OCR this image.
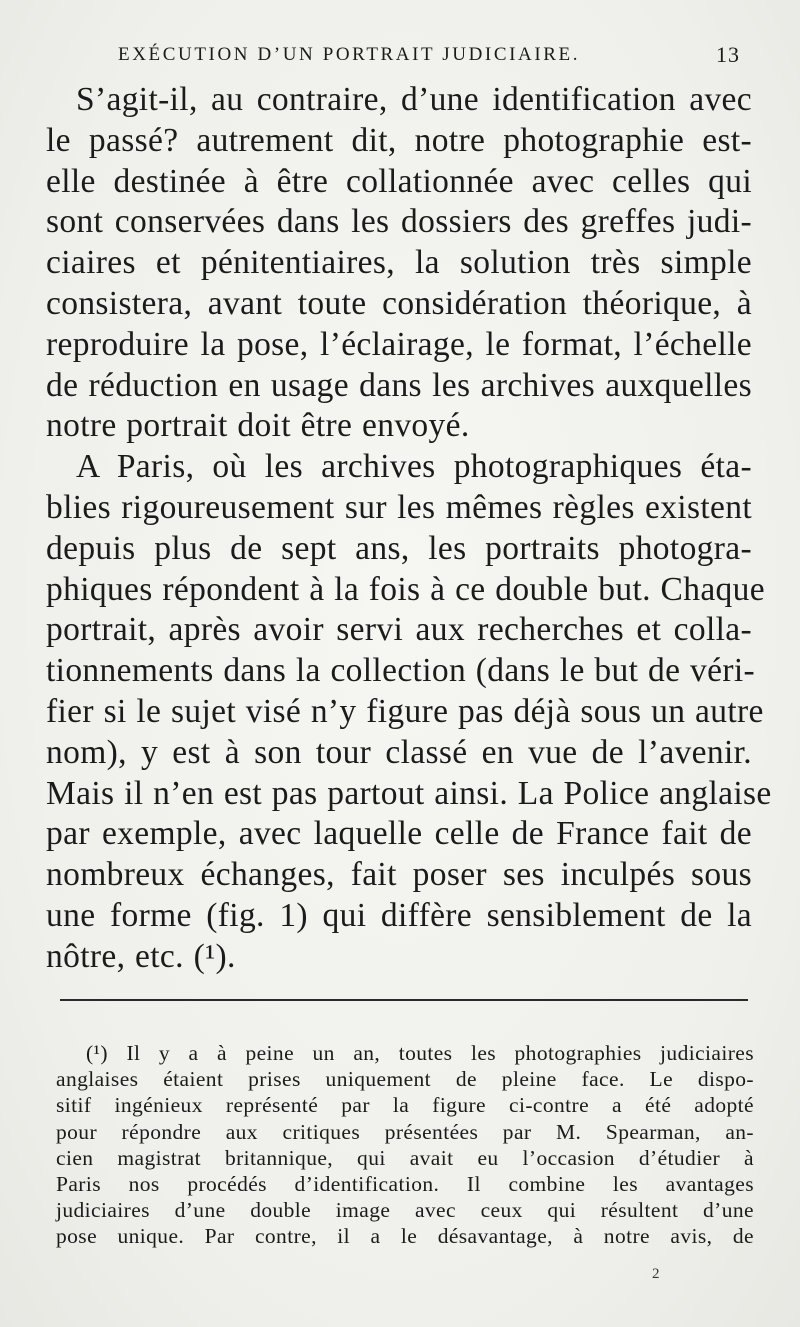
EXÉCUTION D’UN PORTRAIT JUDICIAIRE.	13
S’agit-il, au contraire, d’une identification avec
le passé? autrement dit, notre photographie est-
elle destinée à être collationnée avec celles qui
sont conservées dans les dossiers des greffes judi-
ciaires et pénitentiaires, la solution très simple
consistera, avant toute considération théorique, à
reproduire la pose, l’éclairage, le format, l’échelle
de réduction en usage dans les archives auxquelles
notre portrait doit être envoyé.
A Paris, où les archives photographiques éta-
blies rigoureusement sur les mêmes règles existent
depuis plus de sept ans, les portraits photogra-
phiques répondent à la fois à ce double but. Chaque
portrait, après avoir servi aux recherches et colla-
tionnements dans la collection (dans le but de véri-
fier si le sujet visé n’y figure pas déjà sous un autre
nom), y est à son tour classé en vue de l’avenir.
Mais il n’en est pas partout ainsi. La Police anglaise
par exemple, avec laquelle celle de France fait de
nombreux échanges, fait poser ses inculpés sous
une forme (fig. 1) qui diffère sensiblement de la
nôtre, etc. (¹).
(¹) Il y a à peine un an, toutes les photographies judiciaires
anglaises étaient prises uniquement de pleine face. Le dispo-
sitif ingénieux représenté par la figure ci-contre a été adopté
pour répondre aux critiques présentées par M. Spearman, an-
cien magistrat britannique, qui avait eu l’occasion d’étudier à
Paris nos procédés d’identification. Il combine les avantages
judiciaires d’une double image avec ceux qui résultent d’une
pose unique. Par contre, il a le désavantage, à notre avis, de
2
